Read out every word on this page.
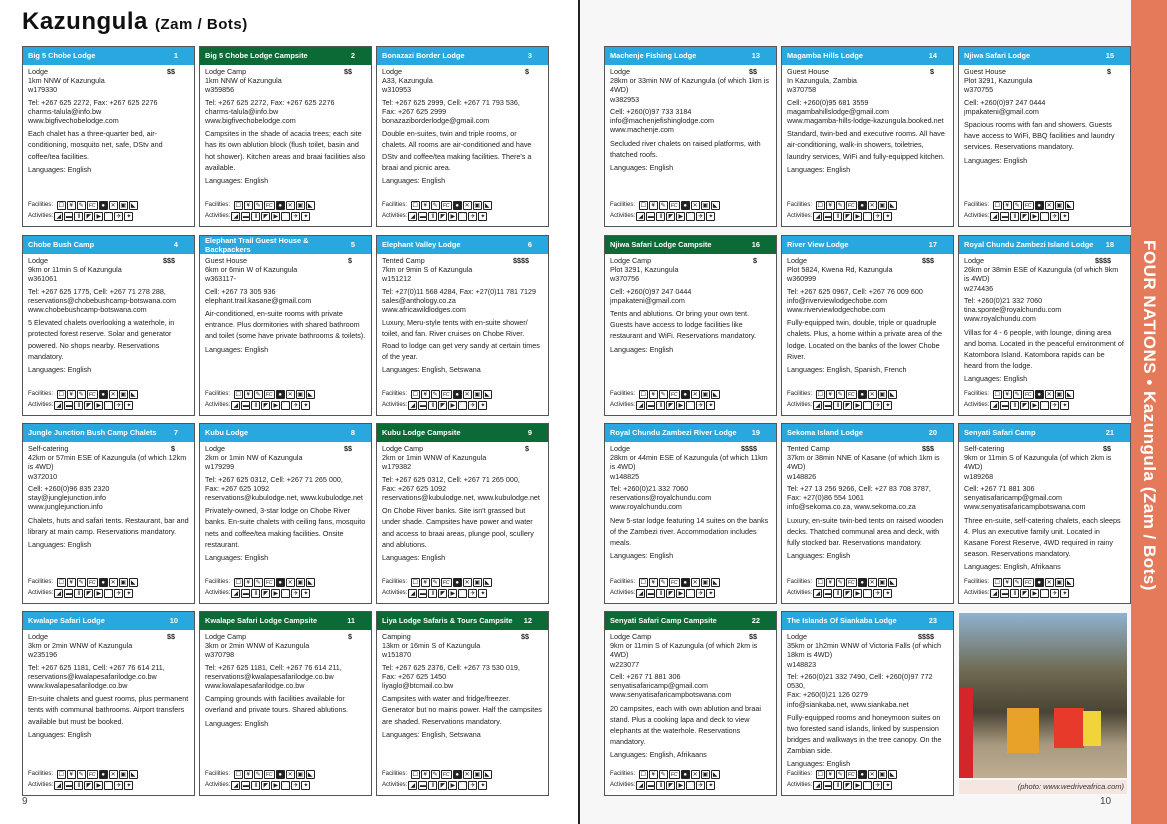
Kazungula (Zam / Bots)
Big 5 Chobe Lodge	1
Lodge	$$
1km NNW of Kazungula
w179330
Tel: +267 625 2272, Fax: +267 625 2276
charms-talula@info.bw
www.bigfivechobelodge.com
Each chalet has a three-quarter bed, air-conditioning, mosquito net, safe, DStv and coffee/tea facilities.
Languages: English
Facilities:
☐ ¥ ✎	FC ● ✕ ▣ ◣
Activities: ◢ ▬ Ⅱ	◤ ▶ ⌒ ✈ ✦
Big 5 Chobe Lodge Campsite	2
Lodge Camp	$$
1km NNW of Kazungula
w359856
Tel: +267 625 2272, Fax: +267 625 2276
charms-talula@info.bw
www.bigfivechobelodge.com
Campsites in the shade of acacia trees; each site has its own ablution block (flush toilet, basin and hot shower). Kitchen areas and braai facilities also available.
Languages: English
Facilities:
☐ ¥ ✎	FC ● ✕ ▣ ◣
Activities: ◢ ▬ Ⅱ	◤ ▶ ⌒ ✈ ✦
Bonazazi Border Lodge	3
Lodge	$
A33, Kazungula
w310953
Tel: +267 625 2999, Cell: +267 71 793 536,
Fax: +267 625 2999
bonazaziborderlodge@gmail.com
Double en-suites, twin and triple rooms, or chalets. All rooms are air-conditioned and have DStv and coffee/tea making facilities. There's a braai and picnic area.
Languages: English
Facilities:
☐ ¥ ✎	FC ● ✕ ▣ ◣
Activities: ◢ ▬ Ⅱ	◤ ▶ ⌒ ✈ ✦
Chobe Bush Camp	4
Lodge	$$$
9km or 11min S of Kazungula
w361061
Tel: +267 625 1775, Cell: +267 71 278 288,
reservations@chobebushcamp-botswana.com
www.chobebushcamp-botswana.com
5 Elevated chalets overlooking a waterhole, in protected forest reserve. Solar and generator powered. No shops nearby. Reservations mandatory.
Languages: English
Facilities:
☐ ¥ ✎	FC ● ✕ ▣ ◣
Activities: ◢ ▬ Ⅱ	◤ ▶ ⌒ ✈ ✦
Elephant Trail Guest House & Backpackers
5
Guest House	$
6km or 6min W of Kazungula
w363117-
Cell: +267 73 305 936
elephant.trail.kasane@gmail.com
Air-conditioned, en-suite rooms with private entrance. Plus dormitories with shared bathroom and toilet (some have private bathrooms & toilets).
Languages: English
Facilities:
☐ ¥ ✎	FC ● ✕ ▣ ◣
Activities: ◢ ▬ Ⅱ	◤ ▶ ⌒ ✈ ✦
Elephant Valley Lodge	6
Tented Camp	$$$$
7km or 9min S of Kazungula
w151212
Tel: +27(0)11 568 4284, Fax: +27(0)11 781 7129
sales@anthology.co.za
www.africawildlodges.com
Luxury, Meru-style tents with en-suite shower/ toilet, and fan. River cruises on Chobe River. Road to lodge can get very sandy at certain times of the year.
Languages: English, Setswana
Facilities:
☐ ¥ ✎	FC ● ✕ ▣ ◣
Activities: ◢ ▬ Ⅱ	◤ ▶ ⌒ ✈ ✦
Jungle Junction Bush Camp Chalets 7
Self-catering	$
42km or 57min ESE of Kazungula (of which 12km is 4WD)
w372010
Cell: +260(0)96 835 2320
stay@junglejunction.info
www.junglejunction.info
Chalets, huts and safari tents. Restaurant, bar and library at main camp. Reservations mandatory.
Languages: English
Facilities:
☐ ¥ ✎	FC ● ✕ ▣ ◣
Activities: ◢ ▬ Ⅱ	◤ ▶ ⌒ ✈ ✦
Kubu Lodge	8
Lodge	$$
2km or 1min NW of Kazungula
w179299
Tel: +267 625 0312, Cell: +267 71 265 000,
Fax: +267 625 1092
reservations@kubulodge.net, www.kubulodge.net
Privately-owned, 3-star lodge on Chobe River banks. En-suite chalets with ceiling fans, mosquito nets and coffee/tea making facilities. Onsite restaurant.
Languages: English
Facilities:
☐ ¥ ✎	FC ● ✕ ▣ ◣
Activities: ◢ ▬ Ⅱ	◤ ▶ ⌒ ✈ ✦
Kubu Lodge Campsite	9
Lodge Camp	$
2km or 1min WNW of Kazungula
w179382
Tel: +267 625 0312, Cell: +267 71 265 000,
Fax: +267 625 1092
reservations@kubulodge.net, www.kubulodge.net
On Chobe River banks. Site isn't grassed but under shade. Campsites have power and water and access to braai areas, plunge pool, scullery and ablutions.
Languages: English
Facilities:
☐ ¥ ✎	FC ● ✕ ▣ ◣
Activities: ◢ ▬ Ⅱ	◤ ▶ ⌒ ✈ ✦
Kwalape Safari Lodge	10
Lodge	$$
3km or 2min WNW of Kazungula
w235196
Tel: +267 625 1181, Cell: +267 76 614 211,
reservations@kwalapesafarilodge.co.bw
www.kwalapesafarilodge.co.bw
En-suite chalets and guest rooms, plus permanent tents with communal bathrooms. Airport transfers available but must be booked.
Languages: English
Facilities:
☐ ¥ ✎	FC ● ✕ ▣ ◣
Activities: ◢ ▬ Ⅱ	◤ ▶ ⌒ ✈ ✦
Kwalape Safari Lodge Campsite	11
Lodge Camp	$
3km or 2min WNW of Kazungula
w370798
Tel: +267 625 1181, Cell: +267 76 614 211,
reservations@kwalapesafarilodge.co.bw
www.kwalapesafarilodge.co.bw
Camping grounds with facilities available for overland and private tours. Shared ablutions.
Languages: English
Facilities:
☐ ¥ ✎	FC ● ✕ ▣ ◣
Activities: ◢ ▬ Ⅱ	◤ ▶ ⌒ ✈ ✦
Liya Lodge Safaris & Tours Campsite 12
Camping	$$
13km or 16min S of Kazungula
w151870
Tel: +267 625 2376, Cell: +267 73 530 019,
Fax: +267 625 1450
liyaglo@btcmail.co.bw
Campsites with water and fridge/freezer. Generator but no mains power. Half the campsites are shaded. Reservations mandatory.
Languages: English, Setswana
Facilities:
☐ ¥ ✎	FC ● ✕ ▣ ◣
Activities: ◢ ▬ Ⅱ	◤ ▶ ⌒ ✈ ✦
Machenje Fishing Lodge	13
Lodge	$$
28km or 33min NW of Kazungula (of which 1km is 4WD)
w382953
Cell: +260(0)97 733 3184
info@machenjefishinglodge.com
www.machenje.com
Secluded river chalets on raised platforms, with thatched roofs.
Languages: English
Facilities:
☐ ¥ ✎	FC ● ✕ ▣ ◣
Activities: ◢ ▬ Ⅱ	◤ ▶ ⌒ ✈ ✦
Magamba Hills Lodge	14
Guest House	$
In Kazungula, Zambia
w370758
Cell: +260(0)95 681 3559
magambahillslodge@gmail.com
www.magamba-hills-lodge-kazungula.booked.net
Standard, twin-bed and executive rooms. All have air-conditioning, walk-in showers, toiletries, laundry services, WiFi and fully-equipped kitchen.
Languages: English
Facilities:
☐ ¥ ✎	FC ● ✕ ▣ ◣
Activities: ◢ ▬ Ⅱ	◤ ▶ ⌒ ✈ ✦
Njiwa Safari Lodge	15
Guest House	$
Plot 3291, Kazungula
w370755
Cell: +260(0)97 247 0444
jmpakateni@gmail.com
Spacious rooms with fan and showers. Guests have access to WiFi, BBQ facilities and laundry services. Reservations mandatory.
Languages: English
Facilities:
☐ ¥ ✎	FC ● ✕ ▣ ◣
Activities: ◢ ▬ Ⅱ	◤ ▶ ⌒ ✈ ✦
Njiwa Safari Lodge Campsite	16
Lodge Camp	$
Plot 3291, Kazungula
w370756
Cell: +260(0)97 247 0444
jmpakateni@gmail.com
Tents and ablutions. Or bring your own tent. Guests have access to lodge facilities like restaurant and WiFi. Reservations mandatory.
Languages: English
Facilities:
☐ ¥ ✎	FC ● ✕ ▣ ◣
Activities: ◢ ▬ Ⅱ	◤ ▶ ⌒ ✈ ✦
River View Lodge	17
Lodge	$$$
Plot 5824, Kwena Rd, Kazungula
w360999
Tel: +267 625 0967, Cell: +267 76 009 600
info@riverviewlodgechobe.com
www.riverviewlodgechobe.com
Fully-equipped twin, double, triple or quadruple chalets. Plus, a home within a private area of the lodge. Located on the banks of the lower Chobe River.
Languages: English, Spanish, French
Facilities:
☐ ¥ ✎	FC ● ✕ ▣ ◣
Activities: ◢ ▬ Ⅱ	◤ ▶ ⌒ ✈ ✦
Royal Chundu Zambezi Island Lodge 18
Lodge	$$$$
26km or 38min ESE of Kazungula (of which 9km is 4WD)
w274436
Tel: +260(0)21 332 7060
tina.sponte@royalchundu.com
www.royalchundu.com
Villas for 4 - 6 people, with lounge, dining area and boma. Located in the peaceful environment of Katombora Island. Katombora rapids can be heard from the lodge.
Languages: English
Facilities:
☐ ¥ ✎	FC ● ✕ ▣ ◣
Activities: ◢ ▬ Ⅱ	◤ ▶ ⌒ ✈ ✦
Royal Chundu Zambezi River Lodge 19
Lodge	$$$$
28km or 44min ESE of Kazungula (of which 11km is 4WD)
w148825
Tel: +260(0)21 332 7060
reservations@royalchundu.com
www.royalchundu.com
New 5-star lodge featuring 14 suites on the banks of the Zambezi river. Accommodation includes meals.
Languages: English
Facilities:
☐ ¥ ✎	FC ● ✕ ▣ ◣
Activities: ◢ ▬ Ⅱ	◤ ▶ ⌒ ✈ ✦
Sekoma Island Lodge	20
Tented Camp	$$$
37km or 38min NNE of Kasane (of which 1km is 4WD)
w148826
Tel: +27 13 256 9266, Cell: +27 83 708 3787,
Fax: +27(0)86 554 1061
info@sekoma.co.za, www.sekoma.co.za
Luxury, en-suite twin-bed tents on raised wooden decks. Thatched communal area and deck, with fully stocked bar. Reservations mandatory.
Languages: English
Facilities:
☐ ¥ ✎	FC ● ✕ ▣ ◣
Activities: ◢ ▬ Ⅱ	◤ ▶ ⌒ ✈ ✦
Senyati Safari Camp	21
Self-catering	$$
9km or 11min S of Kazungula (of which 2km is 4WD)
w189268
Cell: +267 71 881 306
senyatisafaricamp@gmail.com
www.senyatisafaricampbotswana.com
Three en-suite, self-catering chalets, each sleeps 4. Plus an executive family unit. Located in Kasane Forest Reserve, 4WD required in rainy season. Reservations mandatory.
Languages: English, Afrikaans
Facilities:
☐ ¥ ✎	FC ● ✕ ▣ ◣
Activities: ◢ ▬ Ⅱ	◤ ▶ ⌒ ✈ ✦
Senyati Safari Camp Campsite	22
Lodge Camp	$$
9km or 11min S of Kazungula (of which 2km is 4WD)
w223077
Cell: +267 71 881 306
senyatisafaricamp@gmail.com
www.senyatisafaricampbotswana.com
20 campsites, each with own ablution and braai stand. Plus a cooking lapa and deck to view elephants at the waterhole. Reservations mandatory.
Languages: English, Afrikaans
Facilities:
☐ ¥ ✎	FC ● ✕ ▣ ◣
Activities: ◢ ▬ Ⅱ	◤ ▶ ⌒ ✈ ✦
The Islands Of Siankaba Lodge	23
Lodge	$$$$
35km or 1h2min WNW of Victoria Falls (of which 18km is 4WD)
w148823
Tel: +260(0)21 332 7490, Cell: +260(0)97 772 0530,
Fax: +260(0)21 126 0279
info@siankaba.net, www.siankaba.net
Fully-equipped rooms and honeymoon suites on two forested sand islands, linked by suspension bridges and walkways in the tree canopy. On the Zambian side.
Languages: English
Facilities:
☐ ¥ ✎	FC ● ✕ ▣ ◣
Activities: ◢ ▬ Ⅱ	◤ ▶ ⌒ ✈ ✦	(photo: www.wedriveafrica.com)
9	10
FOUR NATIONS • Kazungula (Zam / Bots)
